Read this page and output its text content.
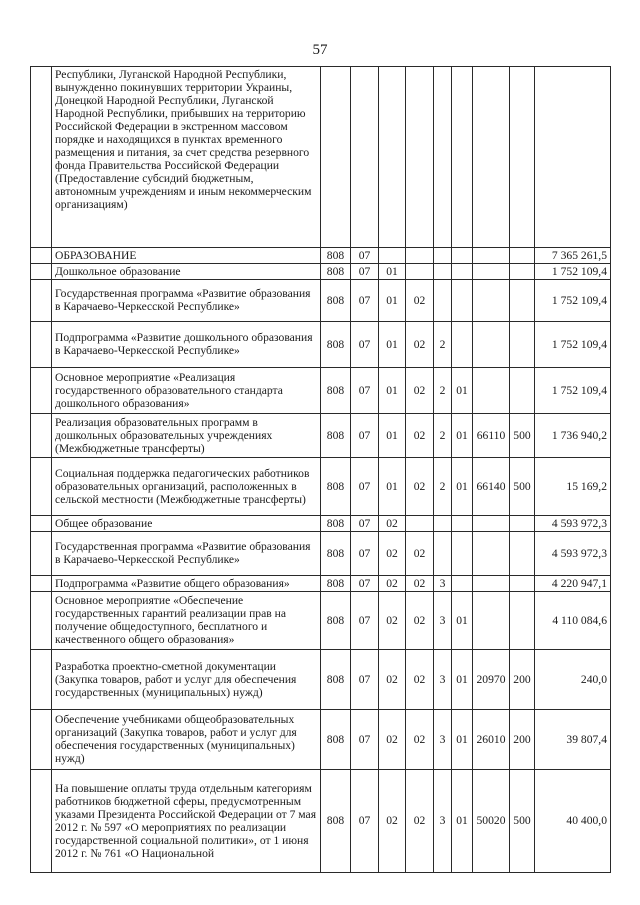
57
	Республики, Луганской Народной Республики, вынужденно покинувших территории Украины, Донецкой Народной Республики, Луганской Народной Республики, прибывших на территорию Российской Федерации в экстренном массовом порядке и находящихся в пунктах временного размещения и питания, за счет средства резервного фонда Правительства Российской Федерации (Предоставление субсидий бюджетным, автономным учреждениям и иным некоммерческим организациям)									
	ОБРАЗОВАНИЕ	808	07							7 365 261,5
	Дошкольное образование	808	07	01						1 752 109,4
	Государственная программа «Развитие образования в Карачаево-Черкесской Республике»	808	07	01	02					1 752 109,4
	Подпрограмма «Развитие дошкольного образования в Карачаево-Черкесской Республике»	808	07	01	02	2				1 752 109,4
	Основное мероприятие «Реализация государственного образовательного стандарта дошкольного образования»	808	07	01	02	2	01			1 752 109,4
	Реализация образовательных программ в дошкольных образовательных учреждениях (Межбюджетные трансферты)	808	07	01	02	2	01	66110	500	1 736 940,2
	Социальная поддержка педагогических работников образовательных организаций, расположенных в сельской местности (Межбюджетные трансферты)	808	07	01	02	2	01	66140	500	15 169,2
	Общее образование	808	07	02						4 593 972,3
	Государственная программа «Развитие образования в Карачаево-Черкесской Республике»	808	07	02	02					4 593 972,3
	Подпрограмма «Развитие общего образования»	808	07	02	02	3				4 220 947,1
	Основное мероприятие «Обеспечение государственных гарантий реализации прав на получение общедоступного, бесплатного и качественного общего образования»	808	07	02	02	3	01			4 110 084,6
	Разработка проектно-сметной документации (Закупка товаров, работ и услуг для обеспечения государственных (муниципальных) нужд)	808	07	02	02	3	01	20970	200	240,0
	Обеспечение учебниками общеобразовательных организаций (Закупка товаров, работ и услуг для обеспечения государственных (муниципальных) нужд)	808	07	02	02	3	01	26010	200	39 807,4
	На повышение оплаты труда отдельным категориям работников бюджетной сферы, предусмотренным указами Президента Российской Федерации от 7 мая 2012 г. № 597 «О мероприятиях по реализации государственной социальной политики», от 1 июня 2012 г. № 761 «О Национальной	808	07	02	02	3	01	50020	500	40 400,0
